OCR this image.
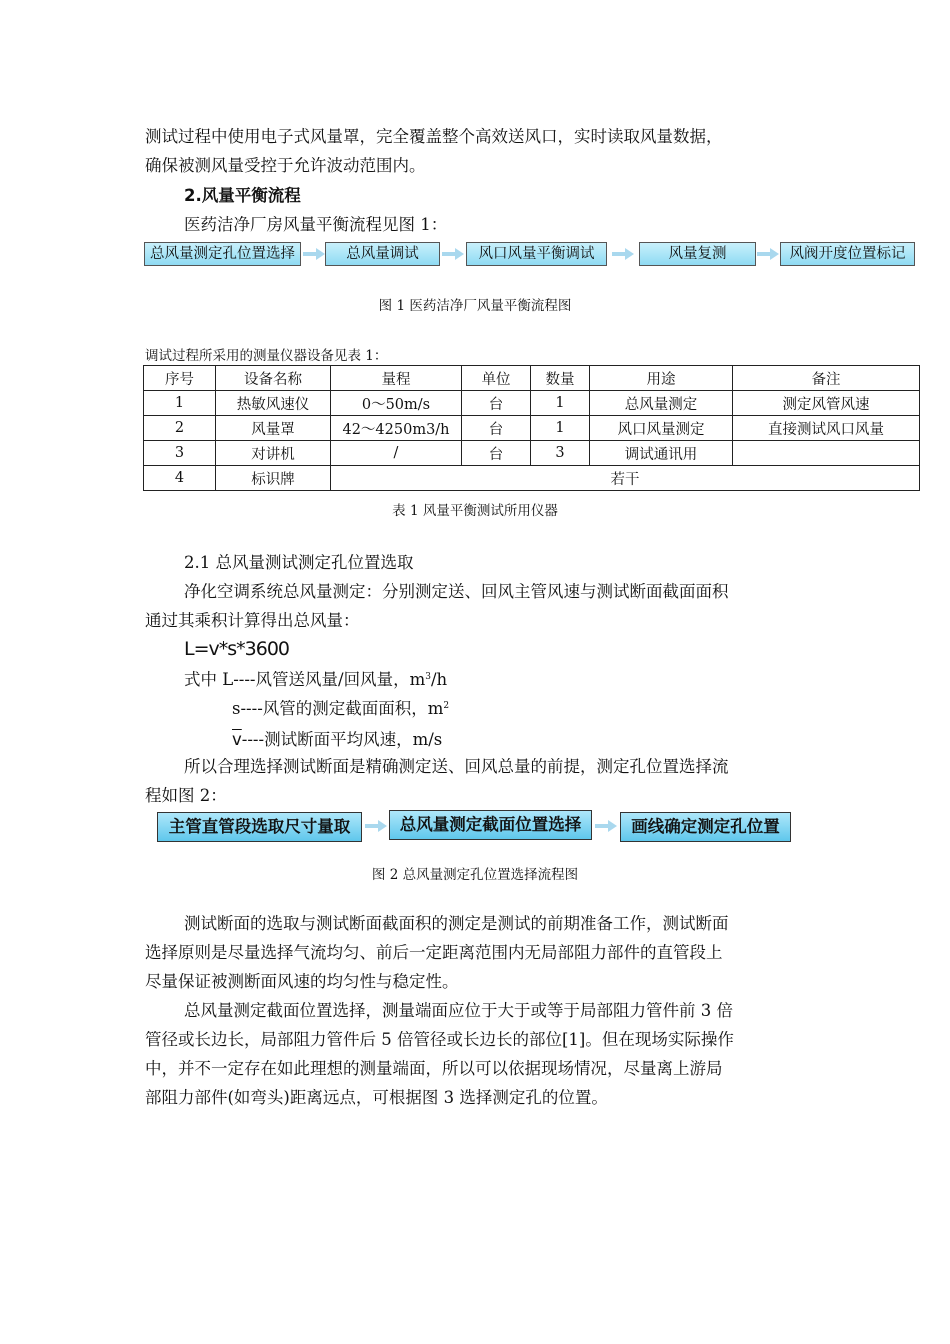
测试过程中使用电子式风量罩，完全覆盖整个高效送风口，实时读取风量数据，
确保被测风量受控于允许波动范围内。
2.风量平衡流程
医药洁净厂房风量平衡流程见图 1：
总风量测定孔位置选择	总风量调试	风口风量平衡调试	风量复测	风阀开度位置标记
图 1 医药洁净厂风量平衡流程图
调试过程所采用的测量仪器设备见表 1：
序号	设备名称	量程	单位	数量	用途	备注
1	热敏风速仪	0～50m/s	台	1	总风量测定	测定风管风速
2	风量罩	42～4250m3/h	台	1	风口风量测定	直接测试风口风量
3	对讲机	/	台	3	调试通讯用	
4	标识牌	若干				
表 1 风量平衡测试所用仪器
2.1 总风量测试测定孔位置选取
净化空调系统总风量测定：分别测定送、回风主管风速与测试断面截面面积
通过其乘积计算得出总风量：
L=v*s*3600
式中 L----风管送风量/回风量，$m^3/h$
s----风管的测定截面面积，$m^2$
$\overline{v}----$测试断面平均风速，m/s
所以合理选择测试断面是精确测定送、回风总量的前提，测定孔位置选择流
程如图 2：
主管直管段选取尺寸量取	总风量测定截面位置选择	画线确定测定孔位置
图 2 总风量测定孔位置选择流程图
测试断面的选取与测试断面截面积的测定是测试的前期准备工作，测试断面
选择原则是尽量选择气流均匀、前后一定距离范围内无局部阻力部件的直管段上
尽量保证被测断面风速的均匀性与稳定性。
总风量测定截面位置选择，测量端面应位于大于或等于局部阻力管件前 3 倍
管径或长边长，局部阻力管件后 5 倍管径或长边长的部位[1]。但在现场实际操作
中，并不一定存在如此理想的测量端面，所以可以依据现场情况，尽量离上游局
部阻力部件(如弯头)距离远点，可根据图 3 选择测定孔的位置。
